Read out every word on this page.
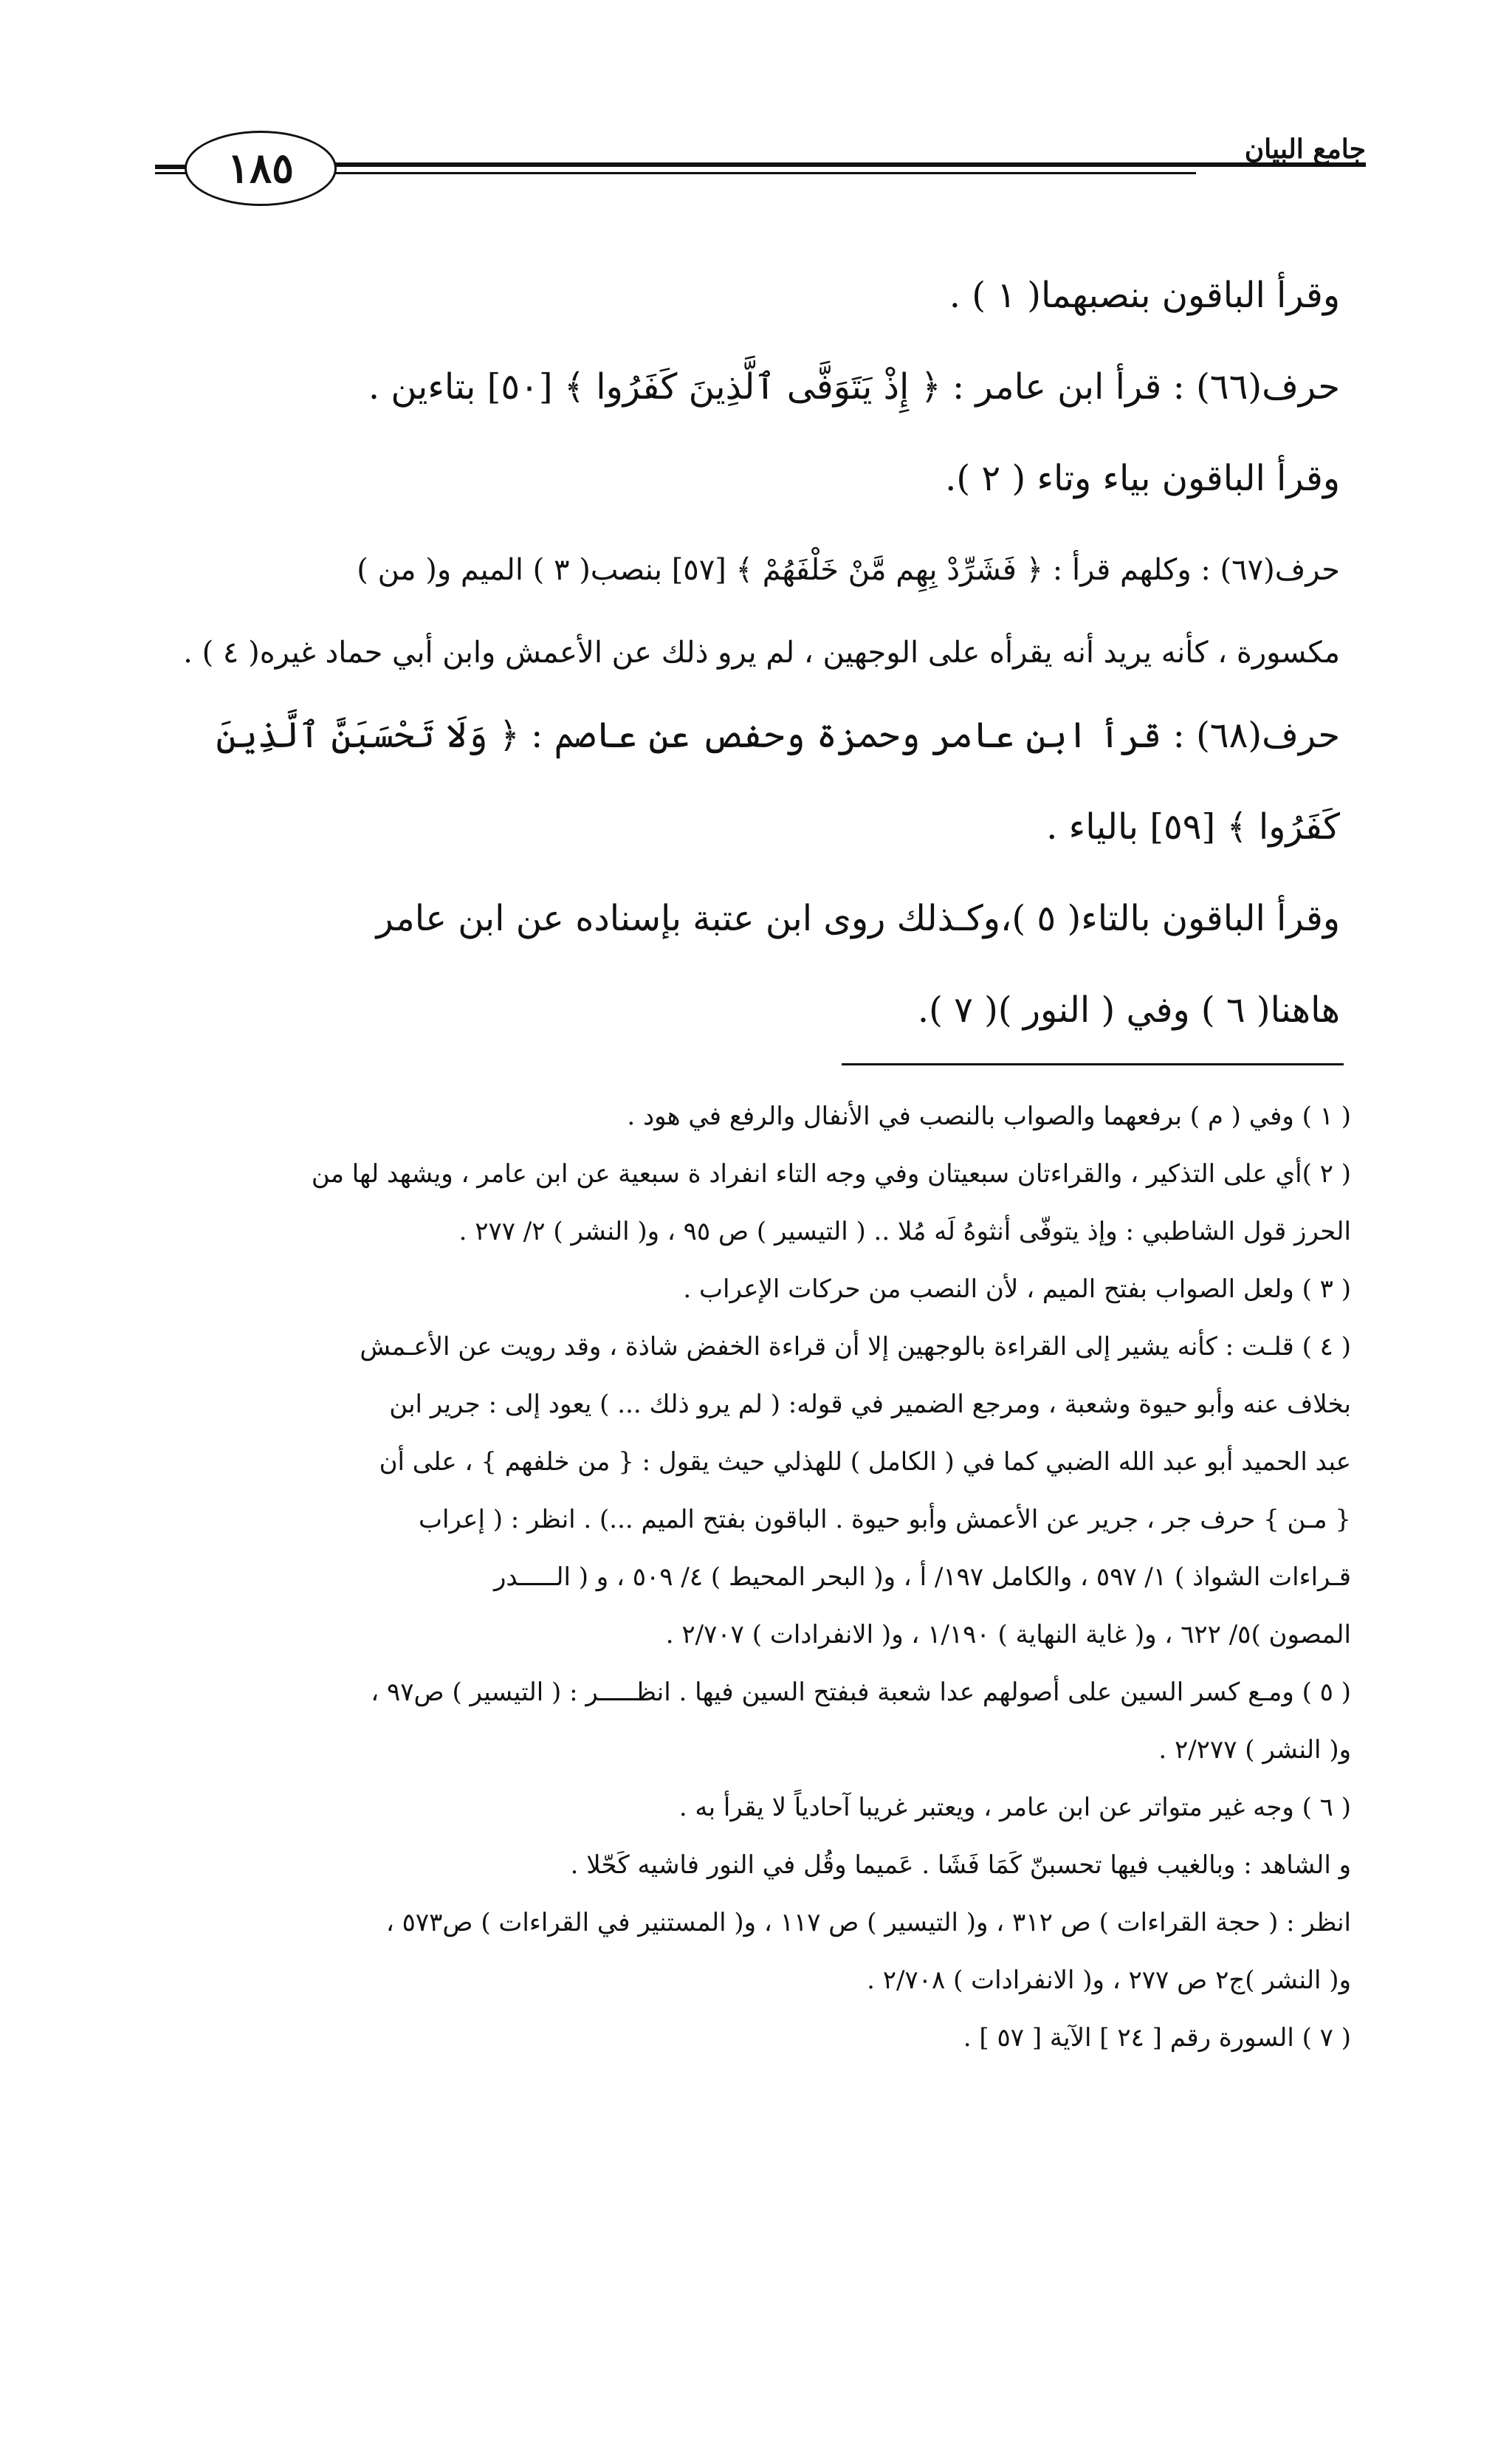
١٨٥	جامع البيان
وقرأ الباقون بنصبهما( ١ ) .
حرف(٦٦) : قرأ ابن عامر : ﴿ إِذْ يَتَوَفَّى ٱلَّذِينَ كَفَرُوا ﴾ [٥٠] بتاءين .
وقرأ الباقون بياء وتاء ( ٢ ).
حرف(٦٧) : وكلهم قرأ : ﴿ فَشَرِّدْ بِهِم مَّنْ خَلْفَهُمْ ﴾ [٥٧] بنصب( ٣ ) الميم و( من )
مكسورة ، كأنه يريد أنه يقرأه على الوجهين ، لم يرو ذلك عن الأعمش وابن أبي حماد غيره( ٤ ) .
حرف(٦٨) : قرأ ابن عامر وحمزة وحفص عن عاصم : ﴿ وَلَا تَحْسَبَنَّ ٱلَّذِينَ
كَفَرُوا ﴾ [٥٩] بالياء .
وقرأ الباقون بالتاء( ٥ )،وكـذلك روى ابن عتبة بإسناده عن ابن عامر
هاهنا( ٦ ) وفي ( النور )( ٧ ).
( ١ ) وفي ( م ) برفعهما والصواب بالنصب في الأنفال والرفع في هود .
( ٢ )أي على التذكير ، والقراءتان سبعيتان وفي وجه التاء انفراد ة سبعية عن ابن عامر ، ويشهد لها من
الحرز قول الشاطبي : وإذ يتوفّى أنثوهُ لَه مُلا .. ( التيسير ) ص ٩٥ ، و( النشر ) ٢/ ٢٧٧ .
( ٣ ) ولعل الصواب بفتح الميم ، لأن النصب من حركات الإعراب .
( ٤ ) قلـت : كأنه يشير إلى القراءة بالوجهين إلا أن قراءة الخفض شاذة ، وقد رويت عن الأعـمش
بخلاف عنه وأبو حيوة وشعبة ، ومرجع الضمير في قوله: ( لم يرو ذلك ... ) يعود إلى : جرير ابن
عبد الحميد أبو عبد الله الضبي كما في ( الكامل ) للهذلي حيث يقول : { من خلفهم } ، على أن
{ مـن } حرف جر ، جرير عن الأعمش وأبو حيوة . الباقون بفتح الميم ...) . انظر : ( إعراب
قـراءات الشواذ ) ١/ ٥٩٧ ، والكامل ١٩٧/ أ ، و( البحر المحيط ) ٤/ ٥٠٩ ، و ( الـــــدر
المصون )٥/ ٦٢٢ ، و( غاية النهاية ) ١/١٩٠ ، و( الانفرادات ) ٢/٧٠٧ .
( ٥ ) ومـع كسر السين على أصولهم عدا شعبة فبفتح السين فيها . انظـــــر : ( التيسير ) ص٩٧ ،
و( النشر ) ٢/٢٧٧ .
( ٦ ) وجه غير متواتر عن ابن عامر ، ويعتبر غريبا آحادياً لا يقرأ به .
و الشاهد : وبالغيب فيها تحسبنّ كَمَا فَشَا . عَميما وقُل في النور فاشيه كَحّلا .
انظر : ( حجة القراءات ) ص ٣١٢ ، و( التيسير ) ص ١١٧ ، و( المستنير في القراءات ) ص٥٧٣ ،
و( النشر )ج٢ ص ٢٧٧ ، و( الانفرادات ) ٢/٧٠٨ .
( ٧ ) السورة رقم [ ٢٤ ] الآية [ ٥٧ ] .
